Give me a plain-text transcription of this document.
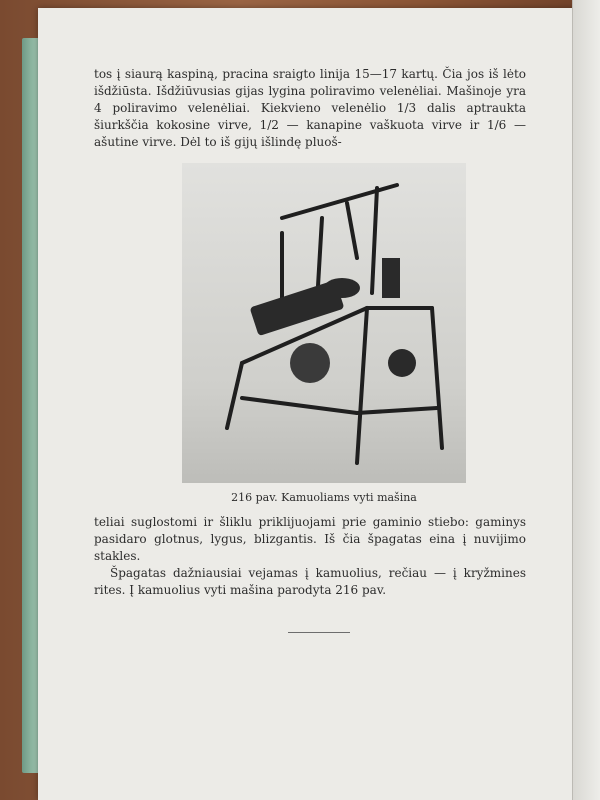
tos į siaurą kaspiną, pracina sraigto linija 15—17 kartų. Čia jos iš lėto išdžiūsta. Išdžiūvusias gijas lygina poliravimo velenėliai. Mašinoje yra 4 poliravimo velenėliai. Kiekvieno velenėlio 1/3 dalis aptraukta šiurkščia kokosine virve, 1/2 — kanapine vaškuota virve ir 1/6 — ašutine virve. Dėl to iš gijų išlindę pluoš-

216 pav. Kamuoliams vyti mašina

teliai suglostomi ir šliklu priklijuojami prie gaminio stiebo: gaminys pasidaro glotnus, lygus, blizgantis. Iš čia špagatas eina į nuvijimo stakles.

Špagatas dažniausiai vejamas į kamuolius, rečiau — į kryžmines rites. Į kamuolius vyti mašina parodyta 216 pav.
